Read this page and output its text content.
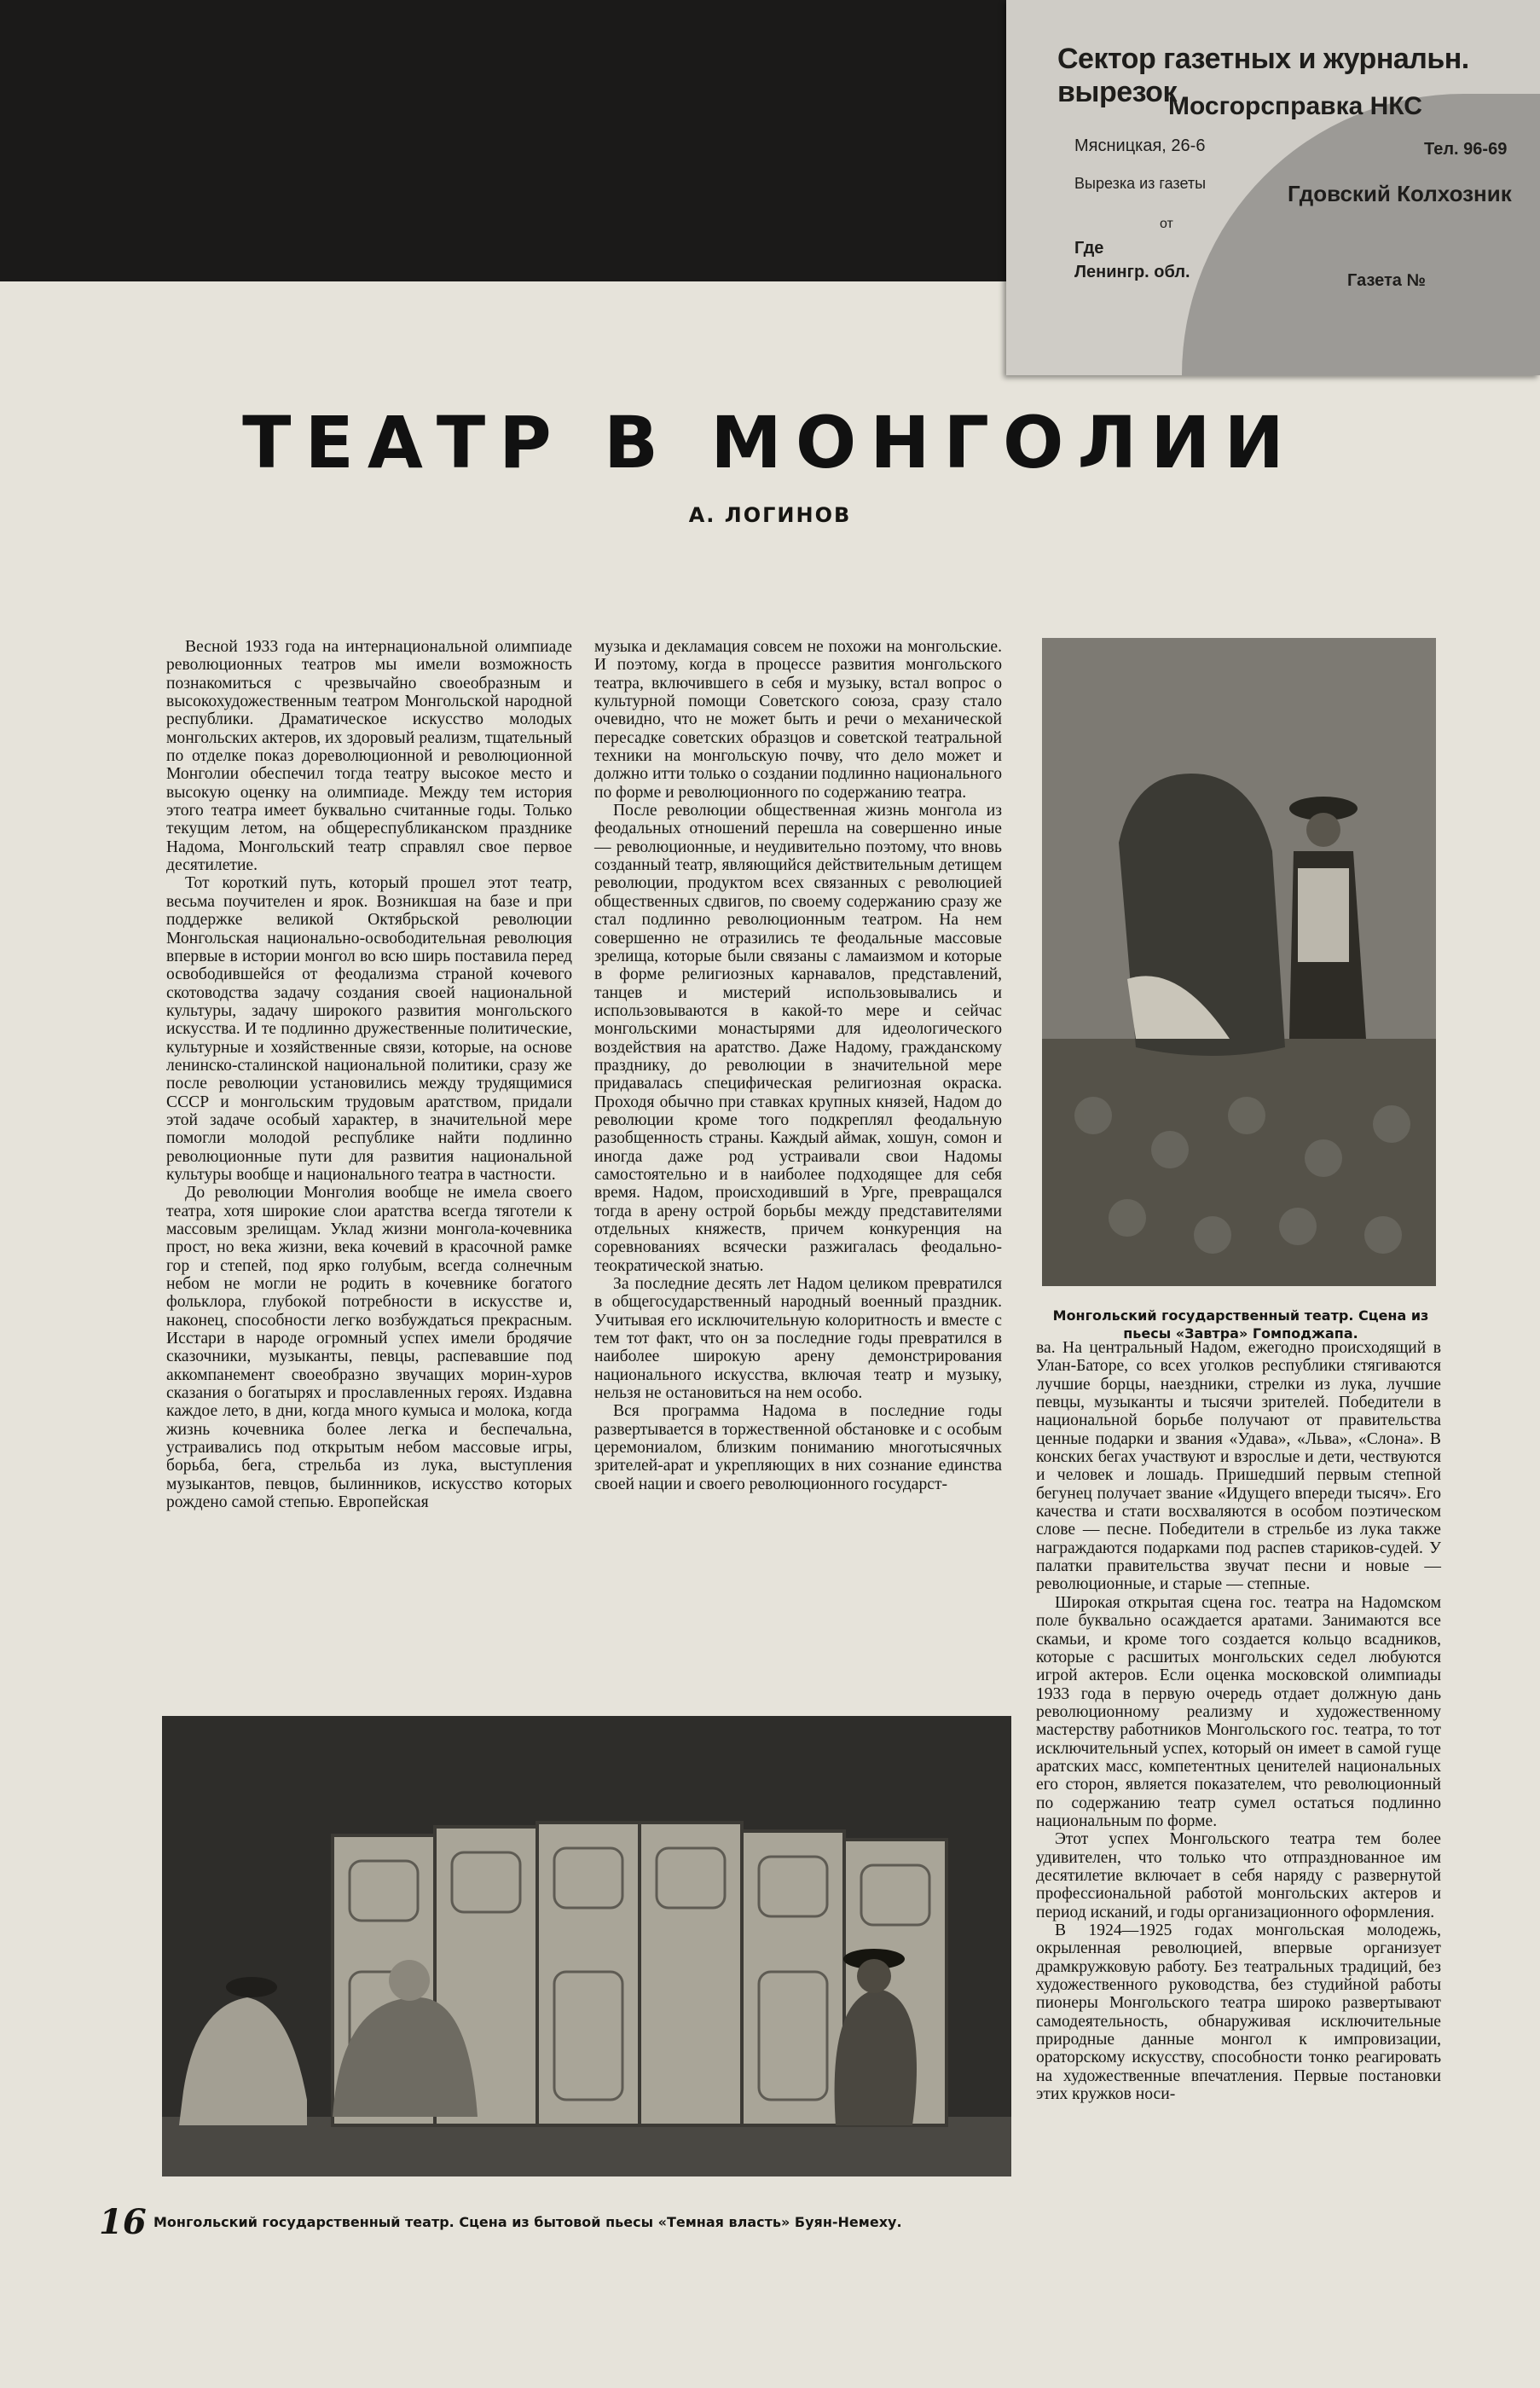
Сектор газетных и журнальн. вырезок
Мосгорсправка НКС
Мясницкая, 26-6	Тел. 96-69
Вырезка из газеты	Гдовский Колхозник
от
Где
Ленингр. обл.	Газета №
ТЕАТР В МОНГОЛИИ
А. ЛОГИНОВ

Весной 1933 года на интернациональной олимпиаде революционных театров мы имели возможность познакомиться с чрезвычайно своеобразным и высокохудожественным театром Монгольской народной республики. Драматическое искусство молодых монгольских актеров, их здоровый реализм, тщательный по отделке показ дореволюционной и революционной Монголии обеспечил тогда театру высокое место и высокую оценку на олимпиаде. Между тем история этого театра имеет буквально считанные годы. Только текущим летом, на общереспубликанском празднике Надома, Монгольский театр справлял свое первое десятилетие.

Тот короткий путь, который прошел этот театр, весьма поучителен и ярок. Возникшая на базе и при поддержке великой Октябрьской революции Монгольская национально-освободительная революция впервые в истории монгол во всю ширь поставила перед освободившейся от феодализма страной кочевого скотоводства задачу создания своей национальной культуры, задачу широкого развития монгольского искусства. И те подлинно дружественные политические, культурные и хозяйственные связи, которые, на основе ленинско-сталинской национальной политики, сразу же после революции установились между трудящимися СССР и монгольским трудовым аратством, придали этой задаче особый характер, в значительной мере помогли молодой республике найти подлинно революционные пути для развития национальной культуры вообще и национального театра в частности.

До революции Монголия вообще не имела своего театра, хотя широкие слои аратства всегда тяготели к массовым зрелищам. Уклад жизни монгола-кочевника прост, но века жизни, века кочевий в красочной рамке гор и степей, под ярко голубым, всегда солнечным небом не могли не родить в кочевнике богатого фольклора, глубокой потребности в искусстве и, наконец, способности легко возбуждаться прекрасным. Исстари в народе огромный успех имели бродячие сказочники, музыканты, певцы, распевавшие под аккомпанемент своеобразно звучащих морин-хуров сказания о богатырях и прославленных героях. Издавна каждое лето, в дни, когда много кумыса и молока, когда жизнь кочевника более легка и беспечальна, устраивались под открытым небом массовые игры, борьба, бега, стрельба из лука, выступления музыкантов, певцов, былинников, искусство которых рождено самой степью. Европейская

музыка и декламация совсем не похожи на монгольские. И поэтому, когда в процессе развития монгольского театра, включившего в себя и музыку, встал вопрос о культурной помощи Советского союза, сразу стало очевидно, что не может быть и речи о механической пересадке советских образцов и советской театральной техники на монгольскую почву, что дело может и должно итти только о создании подлинно национального по форме и революционного по содержанию театра.

После революции общественная жизнь монгола из феодальных отношений перешла на совершенно иные — революционные, и неудивительно поэтому, что вновь созданный театр, являющийся действительным детищем революции, продуктом всех связанных с революцией общественных сдвигов, по своему содержанию сразу же стал подлинно революционным театром. На нем совершенно не отразились те феодальные массовые зрелища, которые были связаны с ламаизмом и которые в форме религиозных карнавалов, представлений, танцев и мистерий использовывались и использовываются в какой-то мере и сейчас монгольскими монастырями для идеологического воздействия на аратство. Даже Надому, гражданскому празднику, до революции в значительной мере придавалась специфическая религиозная окраска. Проходя обычно при ставках крупных князей, Надом до революции кроме того подкреплял феодальную разобщенность страны. Каждый аймак, хошун, сомон и иногда даже род устраивали свои Надомы самостоятельно и в наиболее подходящее для себя время. Надом, происходивший в Урге, превращался тогда в арену острой борьбы между представителями отдельных княжеств, причем конкуренция на соревнованиях всячески разжигалась феодально-теократической знатью.

За последние десять лет Надом целиком превратился в общегосударственный народный военный праздник. Учитывая его исключительную колоритность и вместе с тем тот факт, что он за последние годы превратился в наиболее широкую арену демонстрирования национального искусства, включая театр и музыку, нельзя не остановиться на нем особо.

Вся программа Надома в последние годы развертывается в торжественной обстановке и с особым церемониалом, близким пониманию многотысячных зрителей-арат и укрепляющих в них сознание единства своей нации и своего революционного государст-

Монгольский государственный театр. Сцена из пьесы «Завтра» Гомподжапа.

ва. На центральный Надом, ежегодно происходящий в Улан-Баторе, со всех уголков республики стягиваются лучшие борцы, наездники, стрелки из лука, лучшие певцы, музыканты и тысячи зрителей. Победители в национальной борьбе получают от правительства ценные подарки и звания «Удава», «Льва», «Слона». В конских бегах участвуют и взрослые и дети, чествуются и человек и лошадь. Пришедший первым степной бегунец получает звание «Идущего впереди тысяч». Его качества и стати восхваляются в особом поэтическом слове — песне. Победители в стрельбе из лука также награждаются подарками под распев стариков-судей. У палатки правительства звучат песни и новые — революционные, и старые — степные.

Широкая открытая сцена гос. театра на Надомском поле буквально осаждается аратами. Занимаются все скамьи, и кроме того создается кольцо всадников, которые с расшитых монгольских седел любуются игрой актеров. Если оценка московской олимпиады 1933 года в первую очередь отдает должную дань революционному реализму и художественному мастерству работников Монгольского гос. театра, то тот исключительный успех, который он имеет в самой гуще аратских масс, компетентных ценителей национальных его сторон, является показателем, что революционный по содержанию театр сумел остаться подлинно национальным по форме.

Этот успех Монгольского театра тем более удивителен, что только что отпразднованное им десятилетие включает в себя наряду с развернутой профессиональной работой монгольских актеров и период исканий, и годы организационного оформления.

В 1924—1925 годах монгольская молодежь, окрыленная революцией, впервые организует драмкружковую работу. Без театральных традиций, без художественного руководства, без студийной работы пионеры Монгольского театра широко развертывают самодеятельность, обнаруживая исключительные природные данные монгол к импровизации, ораторскому искусству, способности тонко реагировать на художественные впечатления. Первые постановки этих кружков носи-

16 Монгольский государственный театр. Сцена из бытовой пьесы «Темная власть» Буян-Немеху.
